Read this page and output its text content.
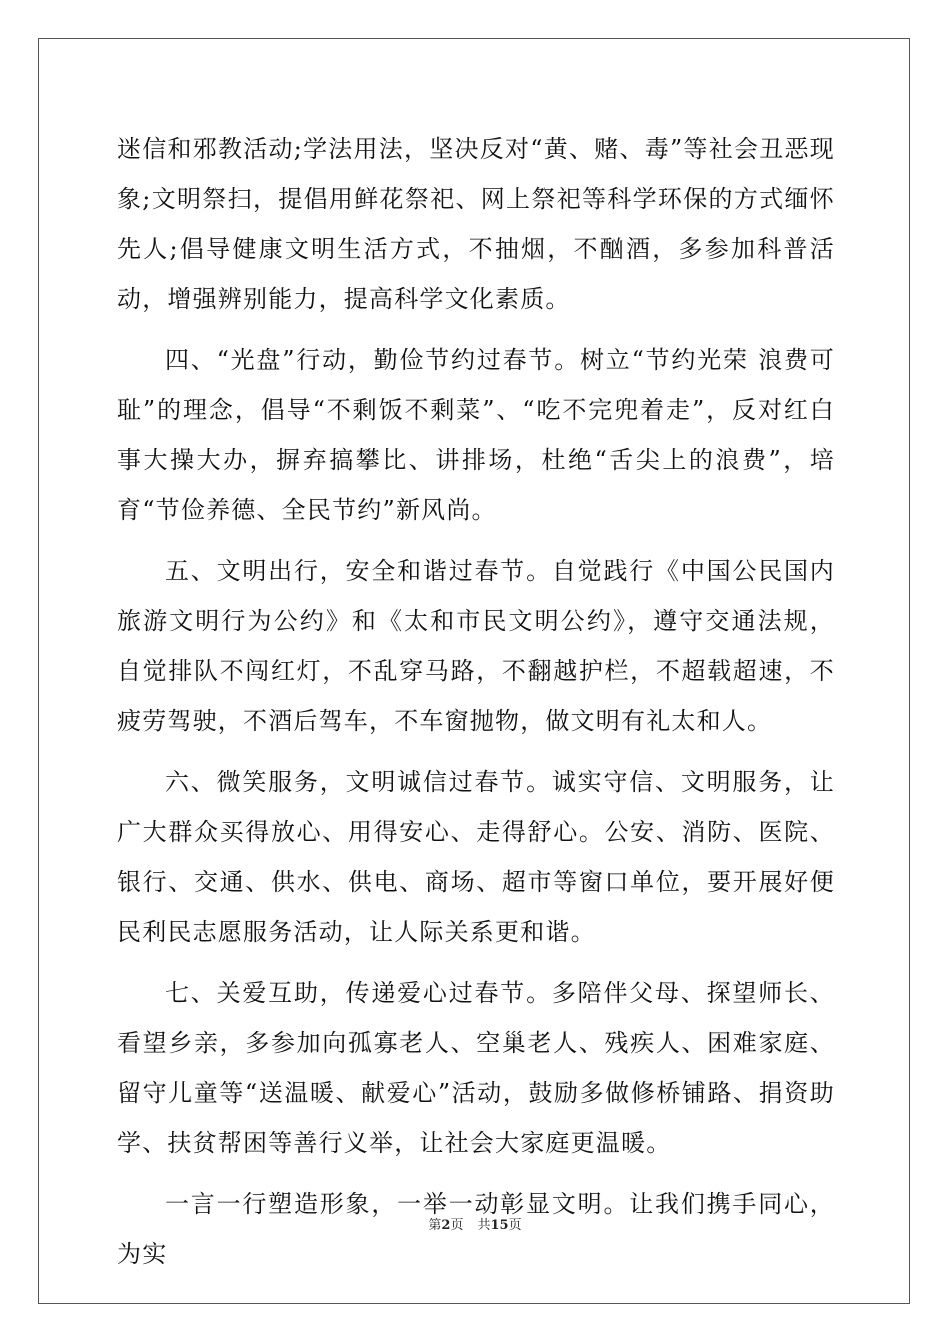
迷信和邪教活动;学法用法，坚决反对“黄、赌、毒”等社会丑恶现象;文明祭扫，提倡用鲜花祭祀、网上祭祀等科学环保的方式缅怀先人;倡导健康文明生活方式，不抽烟，不酗酒，多参加科普活动，增强辨别能力，提高科学文化素质。

四、“光盘”行动，勤俭节约过春节。树立“节约光荣 浪费可耻”的理念，倡导“不剩饭不剩菜”、“吃不完兜着走”，反对红白事大操大办，摒弃搞攀比、讲排场，杜绝“舌尖上的浪费”，培育“节俭养德、全民节约”新风尚。

五、文明出行，安全和谐过春节。自觉践行《中国公民国内旅游文明行为公约》和《太和市民文明公约》，遵守交通法规，自觉排队不闯红灯，不乱穿马路，不翻越护栏，不超载超速，不疲劳驾驶，不酒后驾车，不车窗抛物，做文明有礼太和人。

六、微笑服务，文明诚信过春节。诚实守信、文明服务，让广大群众买得放心、用得安心、走得舒心。公安、消防、医院、银行、交通、供水、供电、商场、超市等窗口单位，要开展好便民利民志愿服务活动，让人际关系更和谐。

七、关爱互助，传递爱心过春节。多陪伴父母、探望师长、看望乡亲，多参加向孤寡老人、空巢老人、残疾人、困难家庭、留守儿童等“送温暖、献爱心”活动，鼓励多做修桥铺路、捐资助学、扶贫帮困等善行义举，让社会大家庭更温暖。

一言一行塑造形象，一举一动彰显文明。让我们携手同心，为实

第2页 共15页
